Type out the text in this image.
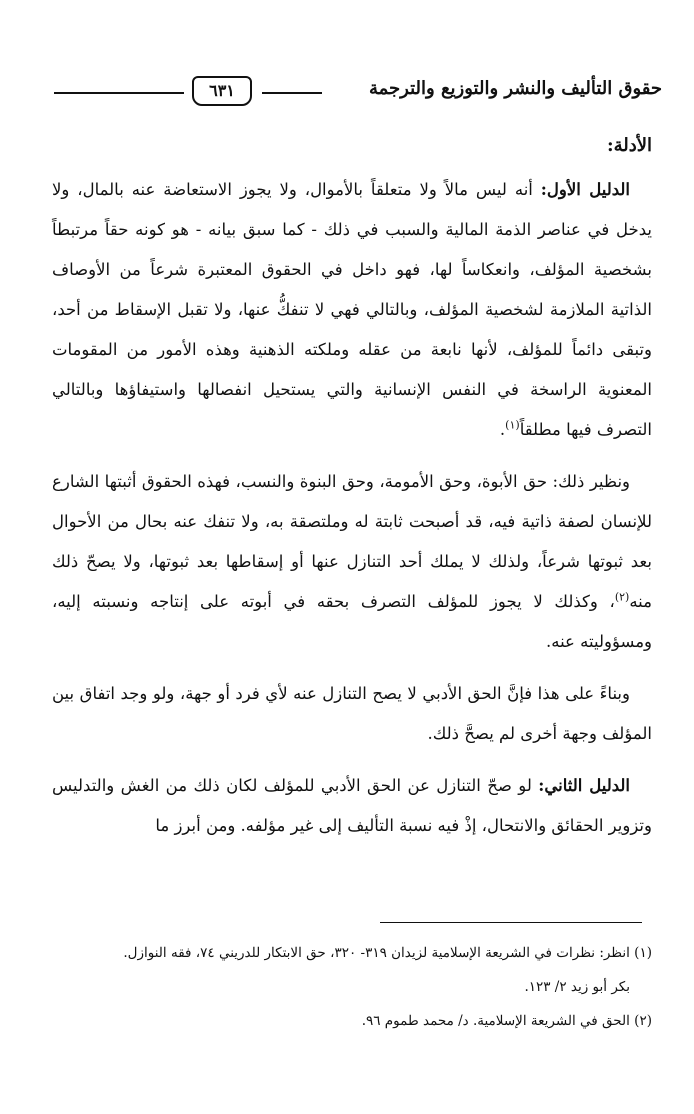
حقوق التأليف والنشر والتوزيع والترجمة
٦٣١

الأدلة:

الدليل الأول: أنه ليس مالاً ولا متعلقاً بالأموال، ولا يجوز الاستعاضة عنه بالمال، ولا يدخل في عناصر الذمة المالية والسبب في ذلك - كما سبق بيانه - هو كونه حقاً مرتبطاً بشخصية المؤلف، وانعكاساً لها، فهو داخل في الحقوق المعتبرة شرعاً من الأوصاف الذاتية الملازمة لشخصية المؤلف، وبالتالي فهي لا تنفكُّ عنها، ولا تقبل الإسقاط من أحد، وتبقى دائماً للمؤلف، لأنها نابعة من عقله وملكته الذهنية وهذه الأمور من المقومات المعنوية الراسخة في النفس الإنسانية والتي يستحيل انفصالها واستيفاؤها وبالتالي التصرف فيها مطلقاً$^{(١)}$.

ونظير ذلك: حق الأبوة، وحق الأمومة، وحق البنوة والنسب، فهذه الحقوق أثبتها الشارع للإنسان لصفة ذاتية فيه، قد أصبحت ثابتة له وملتصقة به، ولا تنفك عنه بحال من الأحوال بعد ثبوتها شرعاً، ولذلك لا يملك أحد التنازل عنها أو إسقاطها بعد ثبوتها، ولا يصحّ ذلك منه$^{(٢)}$، وكذلك لا يجوز للمؤلف التصرف بحقه في أبوته على إنتاجه ونسبته إليه، ومسؤوليته عنه.

وبناءً على هذا فإنَّ الحق الأدبي لا يصح التنازل عنه لأي فرد أو جهة، ولو وجد اتفاق بين المؤلف وجهة أخرى لم يصحَّ ذلك.

الدليل الثاني: لو صحّ التنازل عن الحق الأدبي للمؤلف لكان ذلك من الغش والتدليس وتزوير الحقائق والانتحال، إذْ فيه نسبة التأليف إلى غير مؤلفه. ومن أبرز ما

(١) انظر: نظرات في الشريعة الإسلامية لزيدان ٣١٩- ٣٢٠، حق الابتكار للدريني ٧٤، فقه النوازل.

بكر أبو زيد ٢/ ١٢٣.

(٢) الحق في الشريعة الإسلامية. د/ محمد طموم ٩٦.
